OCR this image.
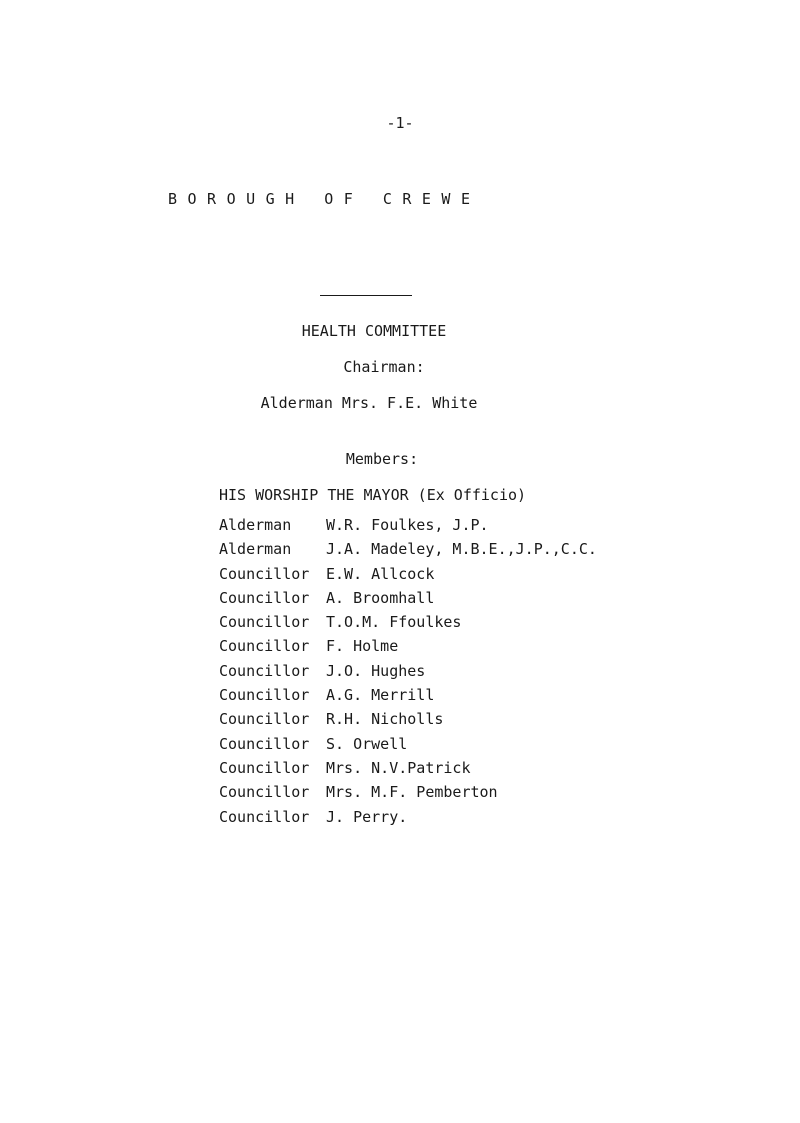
-1-
BOROUGH OF CREWE
HEALTH COMMITTEE
Chairman:
Alderman Mrs. F.E. White
Members:
HIS WORSHIP THE MAYOR (Ex Officio)
Alderman W.R. Foulkes, J.P.
Alderman J.A. Madeley, M.B.E.,J.P.,C.C.
Councillor E.W. Allcock
Councillor A. Broomhall
Councillor T.O.M. Ffoulkes
Councillor F. Holme
Councillor J.O. Hughes
Councillor A.G. Merrill
Councillor R.H. Nicholls
Councillor S. Orwell
Councillor Mrs. N.V.Patrick
Councillor Mrs. M.F. Pemberton
Councillor J. Perry.
